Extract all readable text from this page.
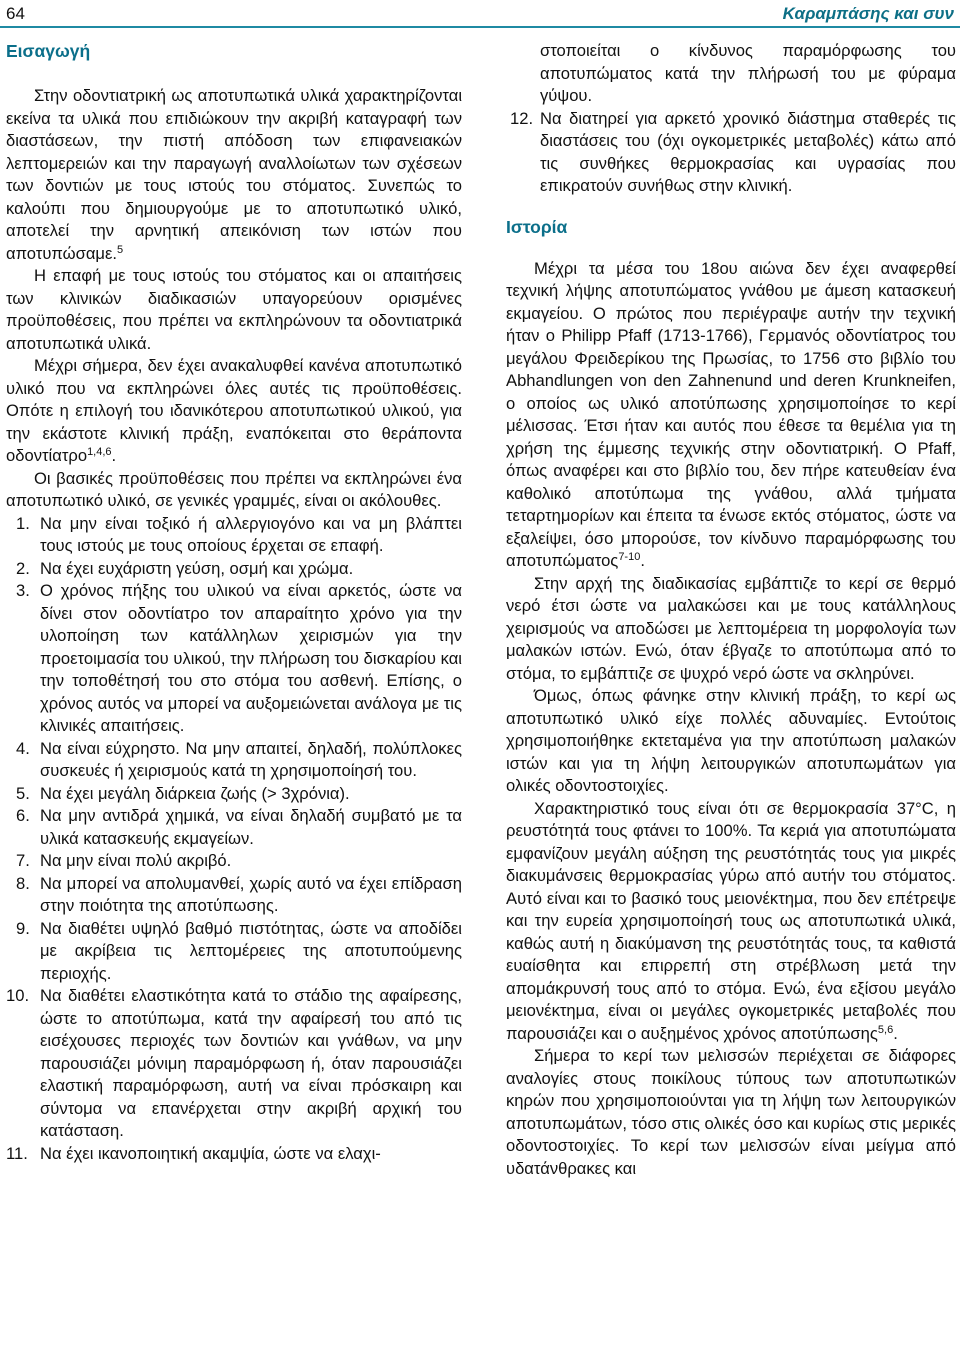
64	Καραμπάσης και συν
Εισαγωγή

Στην οδοντιατρική ως αποτυπωτικά υλικά χαρακτηρίζονται εκείνα τα υλικά που επιδιώκουν την ακριβή καταγραφή των διαστάσεων, την πιστή απόδοση των επιφανειακών λεπτομερειών και την παραγωγή αναλλοίωτων των σχέσεων των δοντιών με τους ιστούς του στόματος. Συνεπώς το καλούπι που δημιουργούμε με το αποτυπωτικό υλικό, αποτελεί την αρνητική απεικόνιση των ιστών που αποτυπώσαμε.$^5$

Η επαφή με τους ιστούς του στόματος και οι απαιτήσεις των κλινικών διαδικασιών υπαγορεύουν ορισμένες προϋποθέσεις, που πρέπει να εκπληρώνουν τα οδοντιατρικά αποτυπωτικά υλικά.

Μέχρι σήμερα, δεν έχει ανακαλυφθεί κανένα αποτυπωτικό υλικό που να εκπληρώνει όλες αυτές τις προϋποθέσεις. Οπότε η επιλογή του ιδανικότερου αποτυπωτικού υλικού, για την εκάστοτε κλινική πράξη, εναπόκειται στο θεράποντα οδοντίατρο$^{1,4,6}$.

Οι βασικές προϋποθέσεις που πρέπει να εκπληρώνει ένα αποτυπωτικό υλικό, σε γενικές γραμμές, είναι οι ακόλουθες.

1. Να μην είναι τοξικό ή αλλεργιογόνο και να μη βλάπτει τους ιστούς με τους οποίους έρχεται σε επαφή.
2. Να έχει ευχάριστη γεύση, οσμή και χρώμα.
3. Ο χρόνος πήξης του υλικού να είναι αρκετός, ώστε να δίνει στον οδοντίατρο τον απαραίτητο χρόνο για την υλοποίηση των κατάλληλων χειρισμών για την προετοιμασία του υλικού, την πλήρωση του δισκαρίου και την τοποθέτησή του στο στόμα του ασθενή. Επίσης, ο χρόνος αυτός να μπορεί να αυξομειώνεται ανάλογα με τις κλινικές απαιτήσεις.
4. Να είναι εύχρηστο. Να μην απαιτεί, δηλαδή, πολύπλοκες συσκευές ή χειρισμούς κατά τη χρησιμοποίησή του.
5. Να έχει μεγάλη διάρκεια ζωής (> 3χρόνια).
6. Να μην αντιδρά χημικά, να είναι δηλαδή συμβατό με τα υλικά κατασκευής εκμαγείων.
7. Να μην είναι πολύ ακριβό.
8. Να μπορεί να απολυμανθεί, χωρίς αυτό να έχει επίδραση στην ποιότητα της αποτύπωσης.
9. Να διαθέτει υψηλό βαθμό πιστότητας, ώστε να αποδίδει με ακρίβεια τις λεπτομέρειες της αποτυπούμενης περιοχής.
10. Να διαθέτει ελαστικότητα κατά το στάδιο της αφαίρεσης, ώστε το αποτύπωμα, κατά την αφαίρεσή του από τις εισέχουσες περιοχές των δοντιών και γνάθων, να μην παρουσιάζει μόνιμη παραμόρφωση ή, όταν παρουσιάζει ελαστική παραμόρφωση, αυτή να είναι πρόσκαιρη και σύντομα να επανέρχεται στην ακριβή αρχική του κατάσταση.
11. Να έχει ικανοποιητική ακαμψία, ώστε να ελαχι-
στοποιείται ο κίνδυνος παραμόρφωσης του αποτυπώματος κατά την πλήρωσή του με φύραμα γύψου.
12. Να διατηρεί για αρκετό χρονικό διάστημα σταθερές τις διαστάσεις του (όχι ογκομετρικές μεταβολές) κάτω από τις συνθήκες θερμοκρασίας και υγρασίας που επικρατούν συνήθως στην κλινική.
Ιστορία

Μέχρι τα μέσα του 18ου αιώνα δεν έχει αναφερθεί τεχνική λήψης αποτυπώματος γνάθου με άμεση κατασκευή εκμαγείου. Ο πρώτος που περιέγραψε αυτήν την τεχνική ήταν ο Philipp Pfaff (1713-1766), Γερμανός οδοντίατρος του μεγάλου Φρειδερίκου της Πρωσίας, το 1756 στο βιβλίο του Abhandlungen von den Zahnenund und deren Krunkneifen, ο οποίος ως υλικό αποτύπωσης χρησιμοποίησε το κερί μέλισσας. Έτσι ήταν και αυτός που έθεσε τα θεμέλια για τη χρήση της έμμεσης τεχνικής στην οδοντιατρική. Ο Pfaff, όπως αναφέρει και στο βιβλίο του, δεν πήρε κατευθείαν ένα καθολικό αποτύπωμα της γνάθου, αλλά τμήματα τεταρτημορίων και έπειτα τα ένωσε εκτός στόματος, ώστε να εξαλείψει, όσο μπορούσε, τον κίνδυνο παραμόρφωσης του αποτυπώματος$^{7-10}$.

Στην αρχή της διαδικασίας εμβάπτιζε το κερί σε θερμό νερό έτσι ώστε να μαλακώσει και με τους κατάλληλους χειρισμούς να αποδώσει με λεπτομέρεια τη μορφολογία των μαλακών ιστών. Ενώ, όταν έβγαζε το αποτύπωμα από το στόμα, το εμβάπτιζε σε ψυχρό νερό ώστε να σκληρύνει.

Όμως, όπως φάνηκε στην κλινική πράξη, το κερί ως αποτυπωτικό υλικό είχε πολλές αδυναμίες. Εντούτοις χρησιμοποιήθηκε εκτεταμένα για την αποτύπωση μαλακών ιστών και για τη λήψη λειτουργικών αποτυπωμάτων για ολικές οδοντοστοιχίες.

Χαρακτηριστικό τους είναι ότι σε θερμοκρασία 37°C, η ρευστότητά τους φτάνει το 100%. Τα κεριά για αποτυπώματα εμφανίζουν μεγάλη αύξηση της ρευστότητάς τους για μικρές διακυμάνσεις θερμοκρασίας γύρω από αυτήν του στόματος. Αυτό είναι και το βασικό τους μειονέκτημα, που δεν επέτρεψε και την ευρεία χρησιμοποίησή τους ως αποτυπωτικά υλικά, καθώς αυτή η διακύμανση της ρευστότητάς τους, τα καθιστά ευαίσθητα και επιρρεπή στη στρέβλωση μετά την απομάκρυνσή τους από το στόμα. Ενώ, ένα εξίσου μεγάλο μειονέκτημα, είναι οι μεγάλες ογκομετρικές μεταβολές που παρουσιάζει και ο αυξημένος χρόνος αποτύπωσης$^{5,6}$.

Σήμερα το κερί των μελισσών περιέχεται σε διάφορες αναλογίες στους ποικίλους τύπους των αποτυπωτικών κηρών που χρησιμοποιούνται για τη λήψη των λειτουργικών αποτυπωμάτων, τόσο στις ολικές όσο και κυρίως στις μερικές οδοντοστοιχίες. Το κερί των μελισσών είναι μείγμα από υδατάνθρακες και
